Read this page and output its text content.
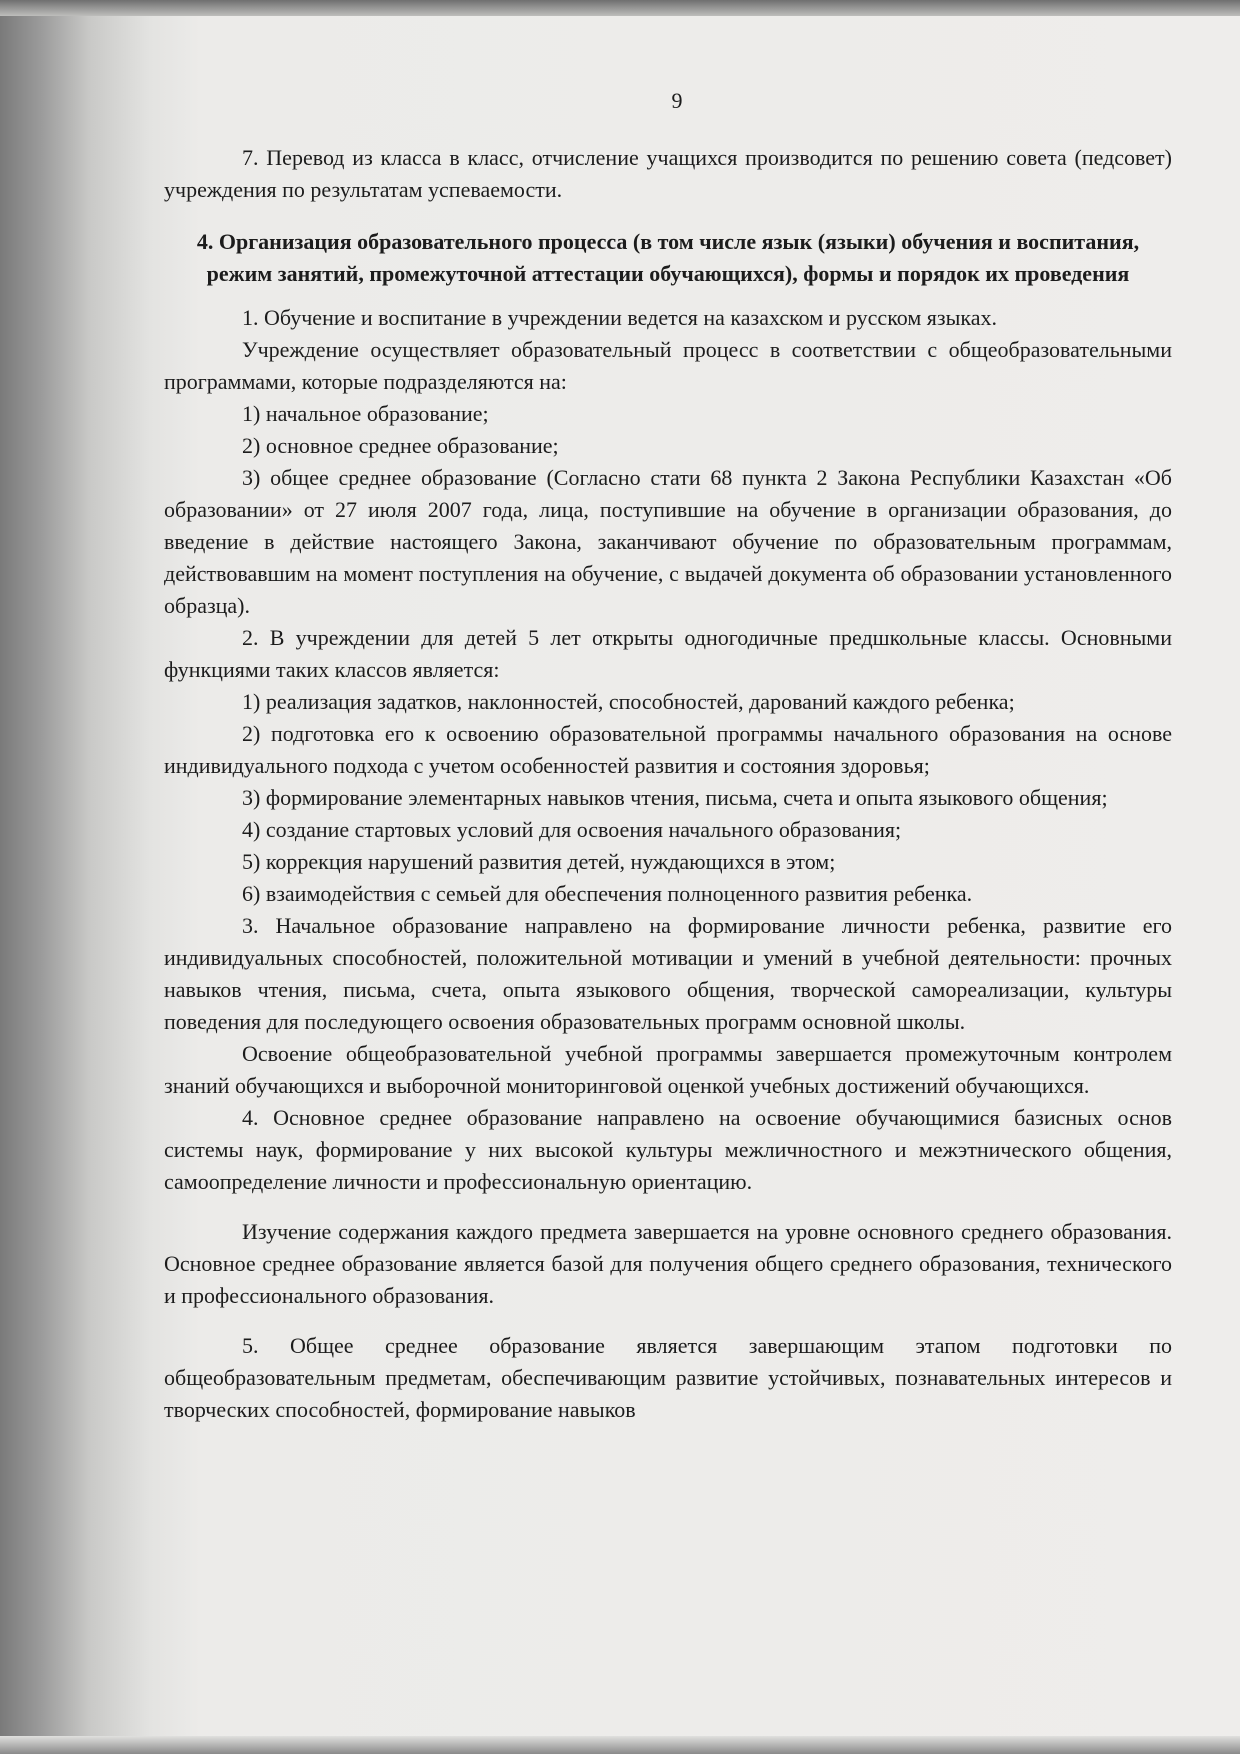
9

7. Перевод из класса в класс, отчисление учащихся производится по решению совета (педсовет) учреждения по результатам успеваемости.

4. Организация образовательного процесса (в том числе язык (языки) обучения и воспитания, режим занятий, промежуточной аттестации обучающихся), формы и порядок их проведения

1. Обучение и воспитание в учреждении ведется на казахском и русском языках.

Учреждение осуществляет образовательный процесс в соответствии с общеобразовательными программами, которые подразделяются на:

1) начальное образование;

2) основное среднее образование;

3) общее среднее образование (Согласно стати 68 пункта 2 Закона Республики Казахстан «Об образовании» от 27 июля 2007 года, лица, поступившие на обучение в организации образования, до введение в действие настоящего Закона, заканчивают обучение по образовательным программам, действовавшим на момент поступления на обучение, с выдачей документа об образовании установленного образца).

2. В учреждении для детей 5 лет открыты одногодичные предшкольные классы. Основными функциями таких классов является:

1) реализация задатков, наклонностей, способностей, дарований каждого ребенка;

2) подготовка его к освоению образовательной программы начального образования на основе индивидуального подхода с учетом особенностей развития и состояния здоровья;

3) формирование элементарных навыков чтения, письма, счета и опыта языкового общения;

4) создание стартовых условий для освоения начального образования;

5) коррекция нарушений развития детей, нуждающихся в этом;

6) взаимодействия с семьей для обеспечения полноценного развития ребенка.

3. Начальное образование направлено на формирование личности ребенка, развитие его индивидуальных способностей, положительной мотивации и умений в учебной деятельности: прочных навыков чтения, письма, счета, опыта языкового общения, творческой самореализации, культуры поведения для последующего освоения образовательных программ основной школы.

Освоение общеобразовательной учебной программы завершается промежуточным контролем знаний обучающихся и выборочной мониторинговой оценкой учебных достижений обучающихся.

4. Основное среднее образование направлено на освоение обучающимися базисных основ системы наук, формирование у них высокой культуры межличностного и межэтнического общения, самоопределение личности и профессиональную ориентацию.

Изучение содержания каждого предмета завершается на уровне основного среднего образования. Основное среднее образование является базой для получения общего среднего образования, технического и профессионального образования.

5. Общее среднее образование является завершающим этапом подготовки по общеобразовательным предметам, обеспечивающим развитие устойчивых, познавательных интересов и творческих способностей, формирование навыков
